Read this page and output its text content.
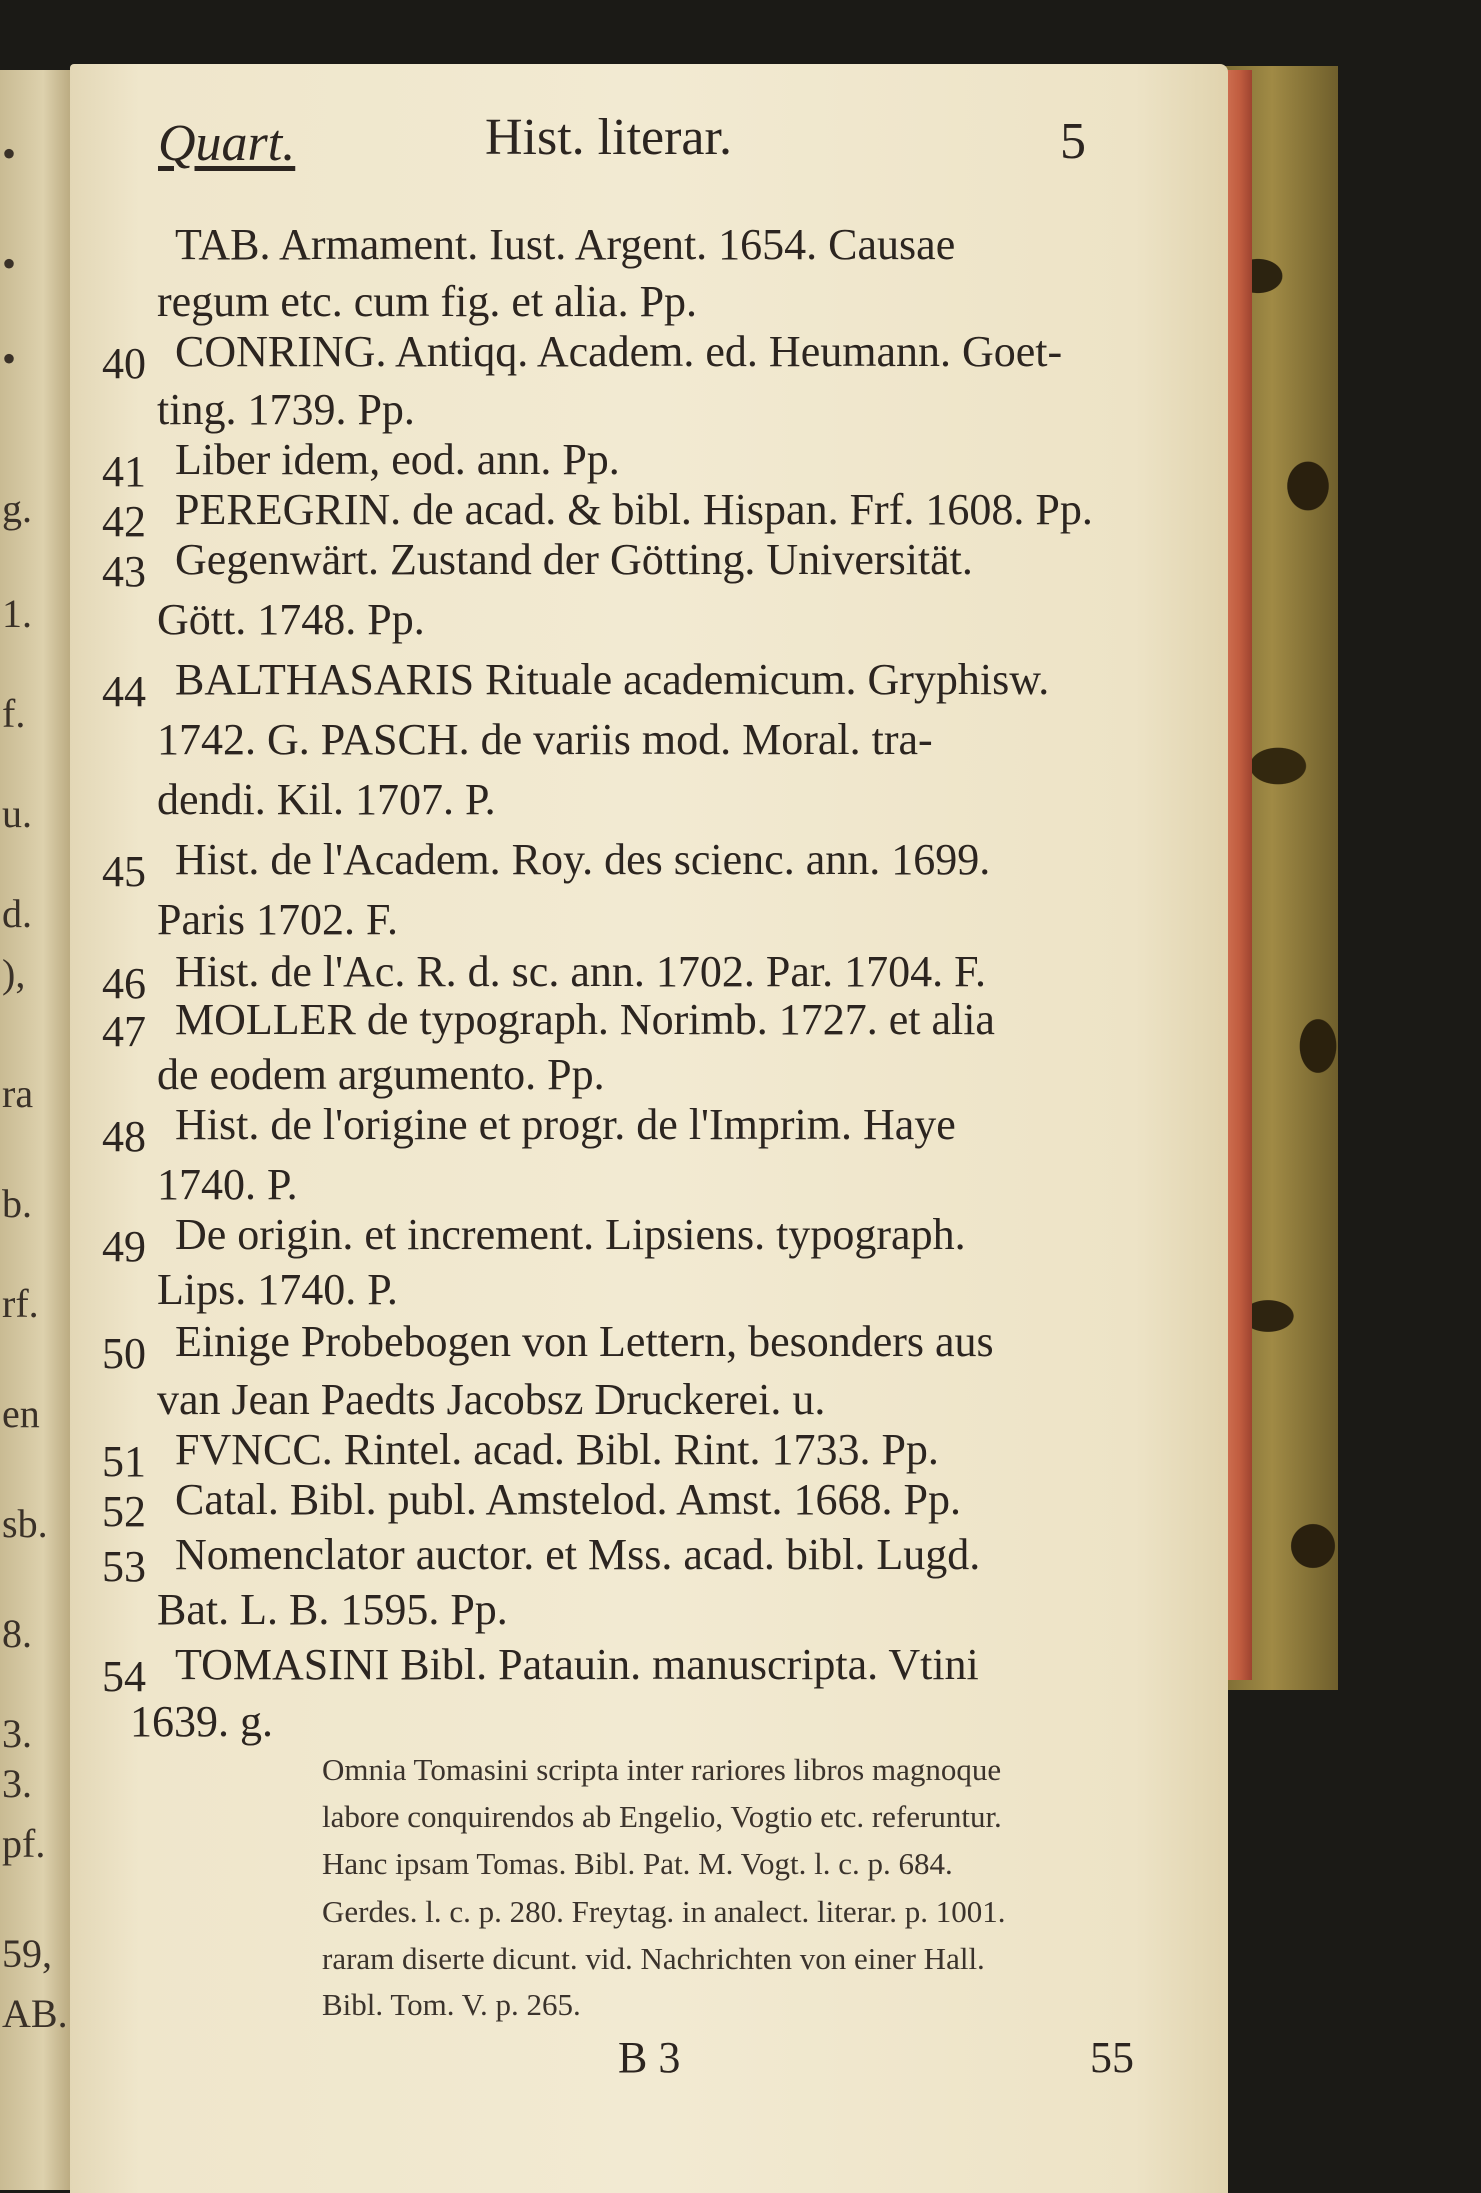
•
•
•
g.
1.
f.
u.
d.
),
ra
b.
rf.
en
sb.
8.
3.
3.
pf.
59,
AB.
Quart.	Hist. literar.	5
TAB. Armament. Iust. Argent. 1654. Causae
regum etc. cum fig. et alia. Pp.
40 CONRING. Antiqq. Academ. ed. Heumann. Goet-
ting. 1739. Pp.
41 Liber idem, eod. ann. Pp.
42 PEREGRIN. de acad. & bibl. Hispan. Frf. 1608. Pp.
43 Gegenwärt. Zustand der Götting. Universität.
Gött. 1748. Pp.
44 BALTHASARIS Rituale academicum. Gryphisw.
1742. G. PASCH. de variis mod. Moral. tra-
dendi. Kil. 1707. P.
45 Hist. de l'Academ. Roy. des scienc. ann. 1699.
Paris 1702. F.
46 Hist. de l'Ac. R. d. sc. ann. 1702. Par. 1704. F.
47 MOLLER de typograph. Norimb. 1727. et alia
de eodem argumento. Pp.
48 Hist. de l'origine et progr. de l'Imprim. Haye
1740. P.
49 De origin. et increment. Lipsiens. typograph.
Lips. 1740. P.
50 Einige Probebogen von Lettern, besonders aus
van Jean Paedts Jacobsz Druckerei. u.
51 FVNCC. Rintel. acad. Bibl. Rint. 1733. Pp.
52 Catal. Bibl. publ. Amstelod. Amst. 1668. Pp.
53 Nomenclator auctor. et Mss. acad. bibl. Lugd.
Bat. L. B. 1595. Pp.
54 TOMASINI Bibl. Patauin. manuscripta. Vtini
1639. g.
Omnia Tomasini scripta inter rariores libros magnoque
labore conquirendos ab Engelio, Vogtio etc. referuntur.
Hanc ipsam Tomas. Bibl. Pat. M. Vogt. l. c. p. 684.
Gerdes. l. c. p. 280. Freytag. in analect. literar. p. 1001.
raram diserte dicunt. vid. Nachrichten von einer Hall.
Bibl. Tom. V. p. 265.
B 3	55
